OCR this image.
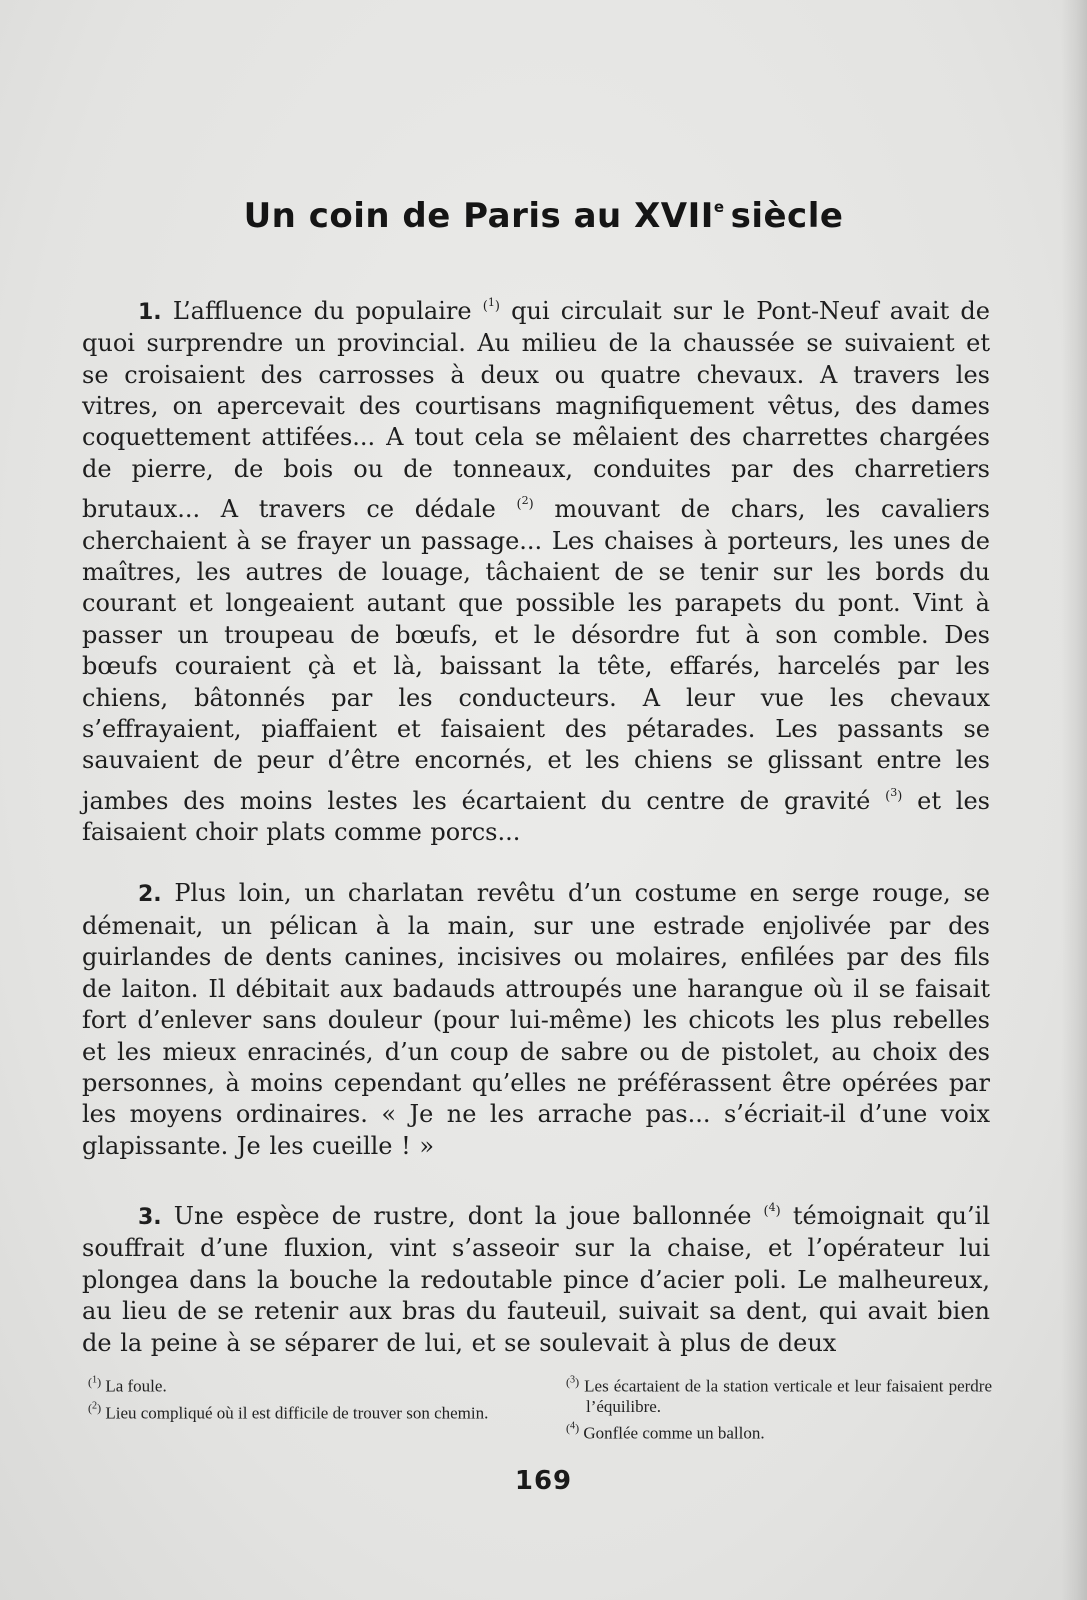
Un coin de Paris au XVIIe siècle

1. L’affluence du populaire $^{(1)}$ qui circulait sur le Pont-Neuf avait de quoi surprendre un provincial. Au milieu de la chaussée se suivaient et se croisaient des carrosses à deux ou quatre chevaux. A travers les vitres, on apercevait des courtisans magnifiquement vêtus, des dames coquettement attifées... A tout cela se mêlaient des charrettes chargées de pierre, de bois ou de tonneaux, conduites par des charretiers brutaux... A travers ce dédale $^{(2)}$ mouvant de chars, les cavaliers cherchaient à se frayer un passage... Les chaises à porteurs, les unes de maîtres, les autres de louage, tâchaient de se tenir sur les bords du courant et longeaient autant que possible les parapets du pont. Vint à passer un troupeau de bœufs, et le désordre fut à son comble. Des bœufs couraient çà et là, baissant la tête, effarés, harcelés par les chiens, bâtonnés par les conducteurs. A leur vue les chevaux s’effrayaient, piaffaient et faisaient des pétarades. Les passants se sauvaient de peur d’être encornés, et les chiens se glissant entre les jambes des moins lestes les écartaient du centre de gravité $^{(3)}$ et les faisaient choir plats comme porcs...

2. Plus loin, un charlatan revêtu d’un costume en serge rouge, se démenait, un pélican à la main, sur une estrade enjolivée par des guirlandes de dents canines, incisives ou molaires, enfilées par des fils de laiton. Il débitait aux badauds attroupés une harangue où il se faisait fort d’enlever sans douleur (pour lui-même) les chicots les plus rebelles et les mieux enracinés, d’un coup de sabre ou de pistolet, au choix des personnes, à moins cependant qu’elles ne préférassent être opérées par les moyens ordinaires. « Je ne les arrache pas... s’écriait-il d’une voix glapissante. Je les cueille ! »

3. Une espèce de rustre, dont la joue ballonnée $^{(4)}$ témoignait qu’il souffrait d’une fluxion, vint s’asseoir sur la chaise, et l’opérateur lui plongea dans la bouche la redoutable pince d’acier poli. Le malheureux, au lieu de se retenir aux bras du fauteuil, suivait sa dent, qui avait bien de la peine à se séparer de lui, et se soulevait à plus de deux

$^{(^1)}$ La foule.

$^{(^2)}$ Lieu compliqué où il est difficile de trouver son chemin.

$^{(^3)}$ Les écartaient de la station verticale et leur faisaient perdre l’équilibre.

$^{(^4)}$ Gonflée comme un ballon.

169
